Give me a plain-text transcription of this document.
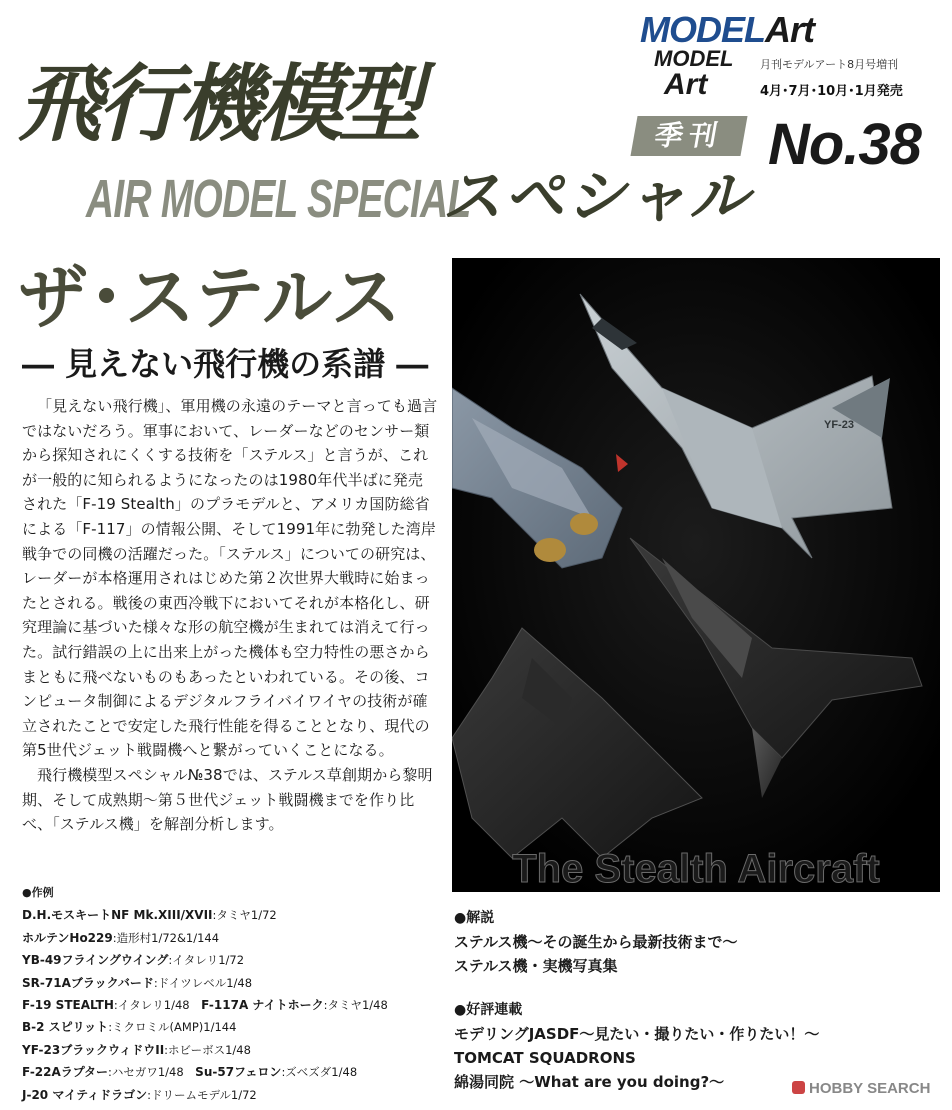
MODELArt
月刊モデルアート8月号増刊
4月･7月･10月･1月発売
No.38
飛行機模型	MODEL
Art
季刊
AIR MODEL SPECIAL
スペシャル
ザ･ステルス
― 見えない飛行機の系譜 ―

「見えない飛行機」、軍用機の永遠のテーマと言っても過言ではないだろう。軍事において、レーダーなどのセンサー類から探知されにくくする技術を「ステルス」と言うが、これが一般的に知られるようになったのは1980年代半ばに発売された「F-19 Stealth」のプラモデルと、アメリカ国防総省による「F-117」の情報公開、そして1991年に勃発した湾岸戦争での同機の活躍だった。「ステルス」についての研究は、レーダーが本格運用されはじめた第２次世界大戦時に始まったとされる。戦後の東西冷戦下においてそれが本格化し、研究理論に基づいた様々な形の航空機が生まれては消えて行った。試行錯誤の上に出来上がった機体も空力特性の悪さからまともに飛べないものもあったといわれている。その後、コンピュータ制御によるデジタルフライバイワイヤの技術が確立されたことで安定した飛行性能を得ることとなり、現代の第5世代ジェット戦闘機へと繋がっていくことになる。

飛行機模型スペシャル№38では、ステルス草創期から黎明期、そして成熟期～第５世代ジェット戦闘機までを作り比べ、「ステルス機」を解剖分析します。

YF-23
The Stealth Aircraft
●作例
D.H.モスキートNF Mk.XIII/XVII:タミヤ1/72
ホルテンHo229:造形村1/72&1/144
YB-49フライングウイング:イタレリ1/72
SR-71Aブラックバード:ドイツレベル1/48
F-19 STEALTH:イタレリ1/48　 F-117A ナイトホーク:タミヤ1/48
B-2 スピリット:ミクロミル(AMP)1/144
YF-23ブラックウィドウII:ホビーボス1/48
F-22Aラプター:ハセガワ1/48　 Su-57フェロン:ズベズダ1/48
J-20 マイティドラゴン:ドリームモデル1/72
●解説
ステルス機～その誕生から最新技術まで～
ステルス機・実機写真集
●好評連載
モデリングJASDF～見たい・撮りたい・作りたい！～
TOMCAT SQUADRONS
綿湯同院 ～What are you doing?～	HOBBY SEARCH
